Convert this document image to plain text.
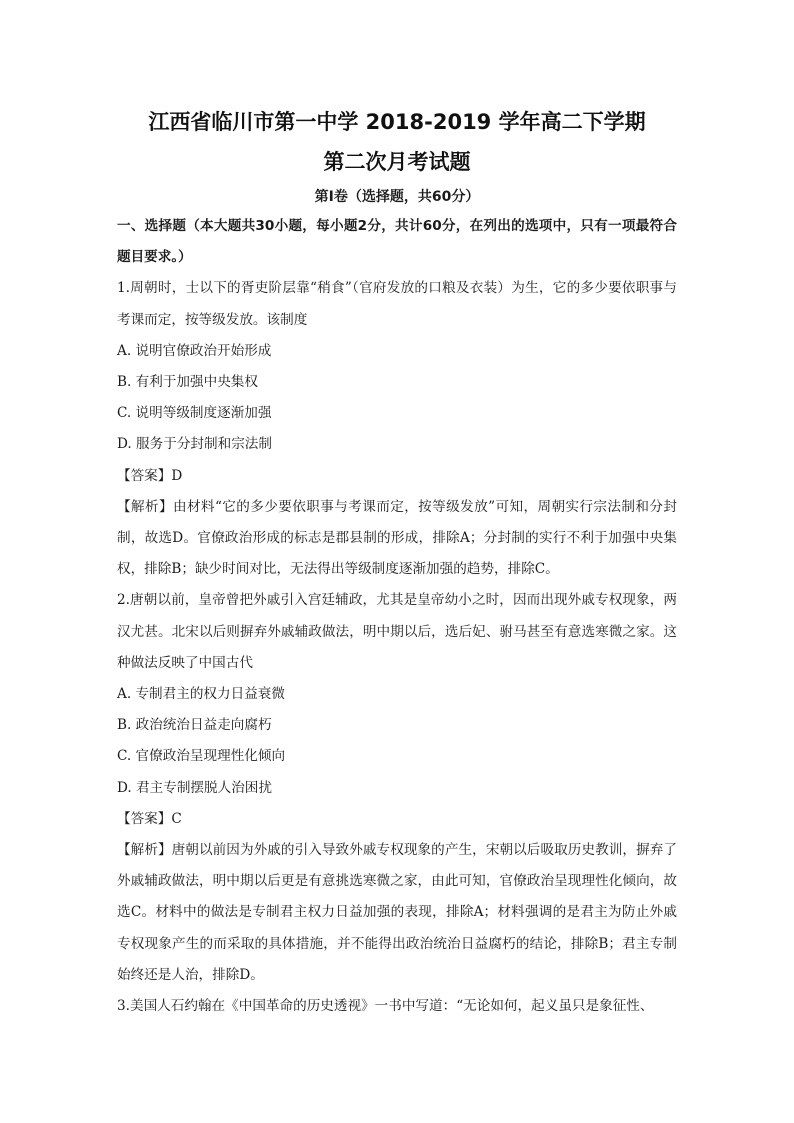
江西省临川市第一中学 2018-2019 学年高二下学期
第二次月考试题
第Ⅰ卷（选择题，共60分）

一、选择题（本大题共30小题，每小题2分，共计60分，在列出的选项中，只有一项最符合题目要求。）

1.周朝时，士以下的胥吏阶层靠“稍食”（官府发放的口粮及衣装）为生，它的多少要依职事与考课而定，按等级发放。该制度

A. 说明官僚政治开始形成

B. 有利于加强中央集权

C. 说明等级制度逐渐加强

D. 服务于分封制和宗法制

【答案】D

【解析】由材料“它的多少要依职事与考课而定，按等级发放”可知，周朝实行宗法制和分封制，故选D。官僚政治形成的标志是郡县制的形成，排除A；分封制的实行不利于加强中央集权，排除B；缺少时间对比，无法得出等级制度逐渐加强的趋势，排除C。

2.唐朝以前，皇帝曾把外戚引入宫廷辅政，尤其是皇帝幼小之时，因而出现外戚专权现象，两汉尤甚。北宋以后则摒弃外戚辅政做法，明中期以后，选后妃、驸马甚至有意选寒微之家。这种做法反映了中国古代

A. 专制君主的权力日益衰微

B. 政治统治日益走向腐朽

C. 官僚政治呈现理性化倾向

D. 君主专制摆脱人治困扰

【答案】C

【解析】唐朝以前因为外戚的引入导致外戚专权现象的产生，宋朝以后吸取历史教训，摒弃了外戚辅政做法，明中期以后更是有意挑选寒微之家，由此可知，官僚政治呈现理性化倾向，故选C。材料中的做法是专制君主权力日益加强的表现，排除A；材料强调的是君主为防止外戚专权现象产生的而采取的具体措施，并不能得出政治统治日益腐朽的结论，排除B；君主专制始终还是人治，排除D。

3.美国人石约翰在《中国革命的历史透视》一书中写道：“无论如何，起义虽只是象征性、
